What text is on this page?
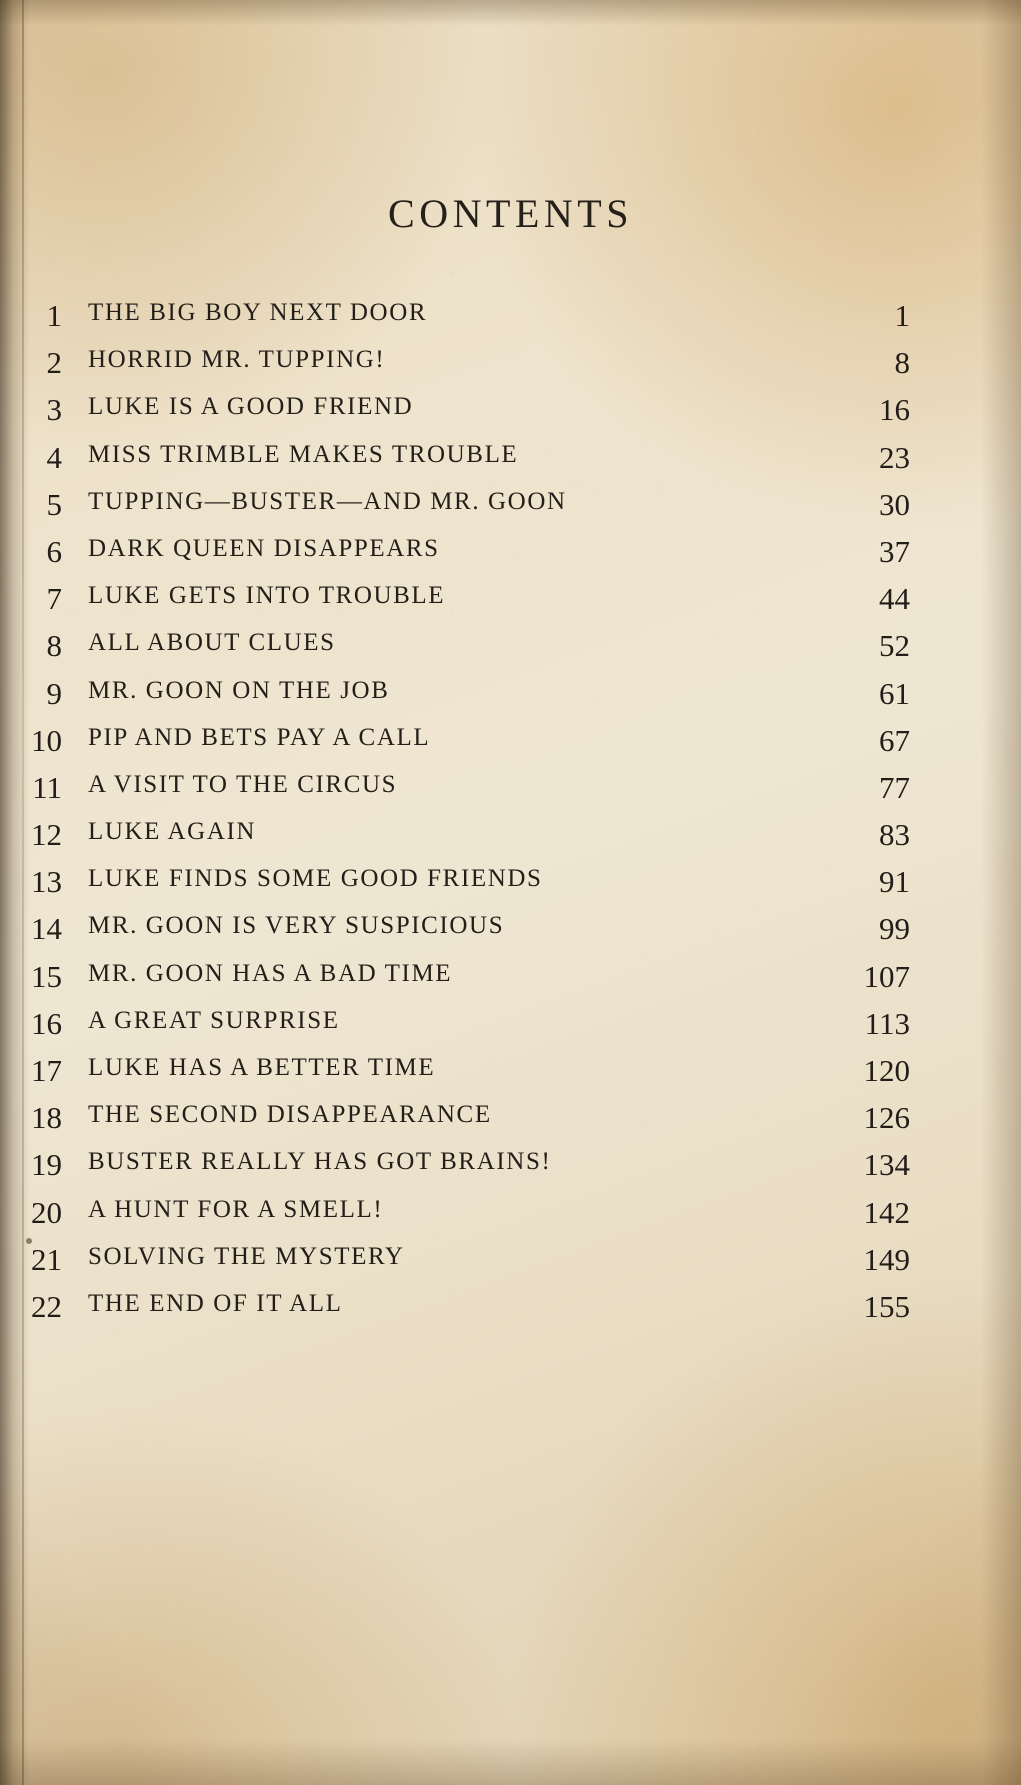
CONTENTS
1 THE BIG BOY NEXT DOOR	1
2 HORRID MR. TUPPING!	8
3 LUKE IS A GOOD FRIEND	16
4 MISS TRIMBLE MAKES TROUBLE	23
5 TUPPING—BUSTER—AND MR. GOON	30
6 DARK QUEEN DISAPPEARS	37
7 LUKE GETS INTO TROUBLE	44
8 ALL ABOUT CLUES	52
9 MR. GOON ON THE JOB	61
10 PIP AND BETS PAY A CALL	67
11 A VISIT TO THE CIRCUS	77
12 LUKE AGAIN	83
13 LUKE FINDS SOME GOOD FRIENDS	91
14 MR. GOON IS VERY SUSPICIOUS	99
15 MR. GOON HAS A BAD TIME	107
16 A GREAT SURPRISE	113
17 LUKE HAS A BETTER TIME	120
18 THE SECOND DISAPPEARANCE	126
19 BUSTER REALLY HAS GOT BRAINS!	134
20 A HUNT FOR A SMELL!	142
21 SOLVING THE MYSTERY	149
22 THE END OF IT ALL	155
